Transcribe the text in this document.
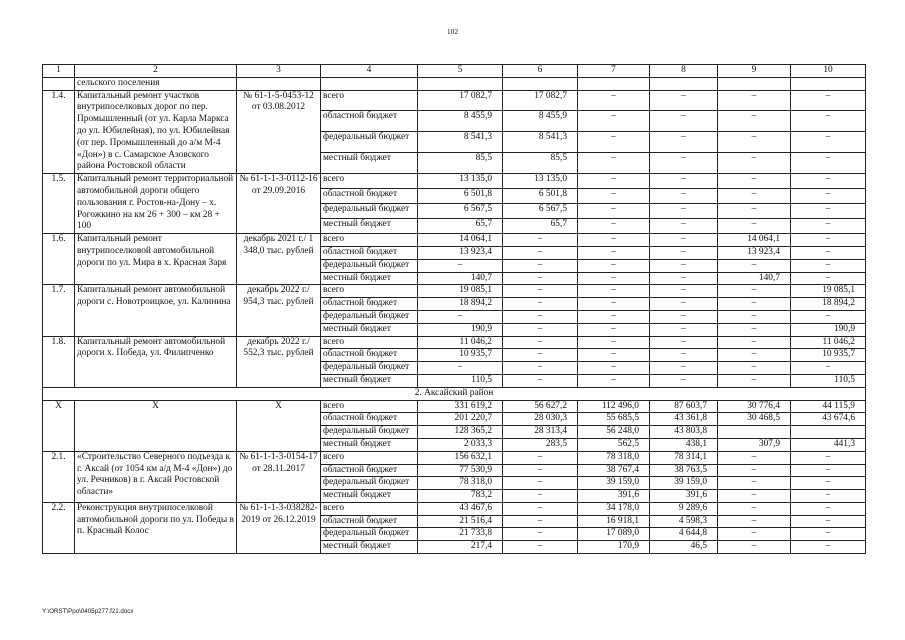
102
1	2	3	4	5	6	7	8	9	10
	сельского поселения								
1.4.	Капитальный ремонт участков внутрипоселковых дорог по пер. Промышленный (от ул. Карла Маркса до ул. Юбилейная), по ул. Юбилейная (от пер. Промышленный до а/м М-4 «Дон») в с. Самарское Азовского района Ростовской области	№ 61-1-5-0453-12 от 03.08.2012	всего	17 082,7	17 082,7	–	–	–	–
			областной бюджет	8 455,9	8 455,9	–	–	–	–
			федеральный бюджет	8 541,3	8 541,3	–	–	–	–
			местный бюджет	85,5	85,5	–	–	–	–
1.5.	Капитальный ремонт территориальной автомобильной дороги общего пользования г. Ростов-на-Дону – х. Рогожкино на км 26 + 300 – км 28 + 100	№ 61-1-1-3-0112-16 от 29.09.2016	всего	13 135,0	13 135,0	–	–	–	–
			областной бюджет	6 501,8	6 501,8	–	–	–	–
			федеральный бюджет	6 567,5	6 567,5	–	–	–	–
			местный бюджет	65,7	65,7	–	–	–	–
1.6.	Капитальный ремонт внутрипоселковой автомобильной дороги по ул. Мира в х. Красная Заря	декабрь 2021 г./ 1 348,0 тыс. рублей	всего	14 064,1	–	–	–	14 064,1	–
			областной бюджет	13 923,4	–	–	–	13 923,4	–
			федеральный бюджет	–	–	–	–	–	–
			местный бюджет	140,7	–	–	–	140,7	–
1.7.	Капитальный ремонт автомобильной дороги с. Новотроицкое, ул. Калинина	декабрь 2022 г./ 954,3 тыс. рублей	всего	19 085,1	–	–	–	–	19 085,1
			областной бюджет	18 894,2	–	–	–	–	18 894,2
			федеральный бюджет	–	–	–	–	–	–
			местный бюджет	190,9	–	–	–	–	190,9
1.8.	Капитальный ремонт автомобильной дороги х. Победа, ул. Филипченко	декабрь 2022 г./ 552,3 тыс. рублей	всего	11 046,2	–	–	–	–	11 046,2
			областной бюджет	10 935,7	–	–	–	–	10 935,7
			федеральный бюджет	–	–	–	–	–	–
			местный бюджет	110,5	–	–	–	–	110,5
2. Аксайский район									
X	X	X	всего	331 619,2	56 627,2	112 496,0	87 603,7	30 776,4	44 115,9
			областной бюджет	201 220,7	28 030,3	55 685,5	43 361,8	30 468,5	43 674,6
			федеральный бюджет	128 365,2	28 313,4	56 248,0	43 803,8		
			местный бюджет	2 033,3	283,5	562,5	438,1	307,9	441,3
2.1.	«Строительство Северного подъезда к г. Аксай (от 1054 км а/д М-4 «Дон») до ул. Речников) в г. Аксай Ростовской области»	№ 61-1-1-3-0154-17 от 28.11.2017	всего	156 632,1	–	78 318,0	78 314,1	–	–
			областной бюджет	77 530,9	–	38 767,4	38 763,5	–	–
			федеральный бюджет	78 318,0	–	39 159,0	39 159,0	–	–
			местный бюджет	783,2	–	391,6	391,6	–	–
2.2.	Реконструкция внутрипоселковой автомобильной дороги по ул. Победы в п. Красный Колос	№ 61-1-1-3-038282-2019 от 26.12.2019	всего	43 467,6	–	34 178,0	9 289,6	–	–
			областной бюджет	21 516,4	–	16 918,1	4 598,3	–	–
			федеральный бюджет	21 733,8	–	17 089,0	4 644,8	–	–
			местный бюджет	217,4	–	170,9	46,5	–	–
Y:\ORST\Ppo\0405p277.f21.docx
